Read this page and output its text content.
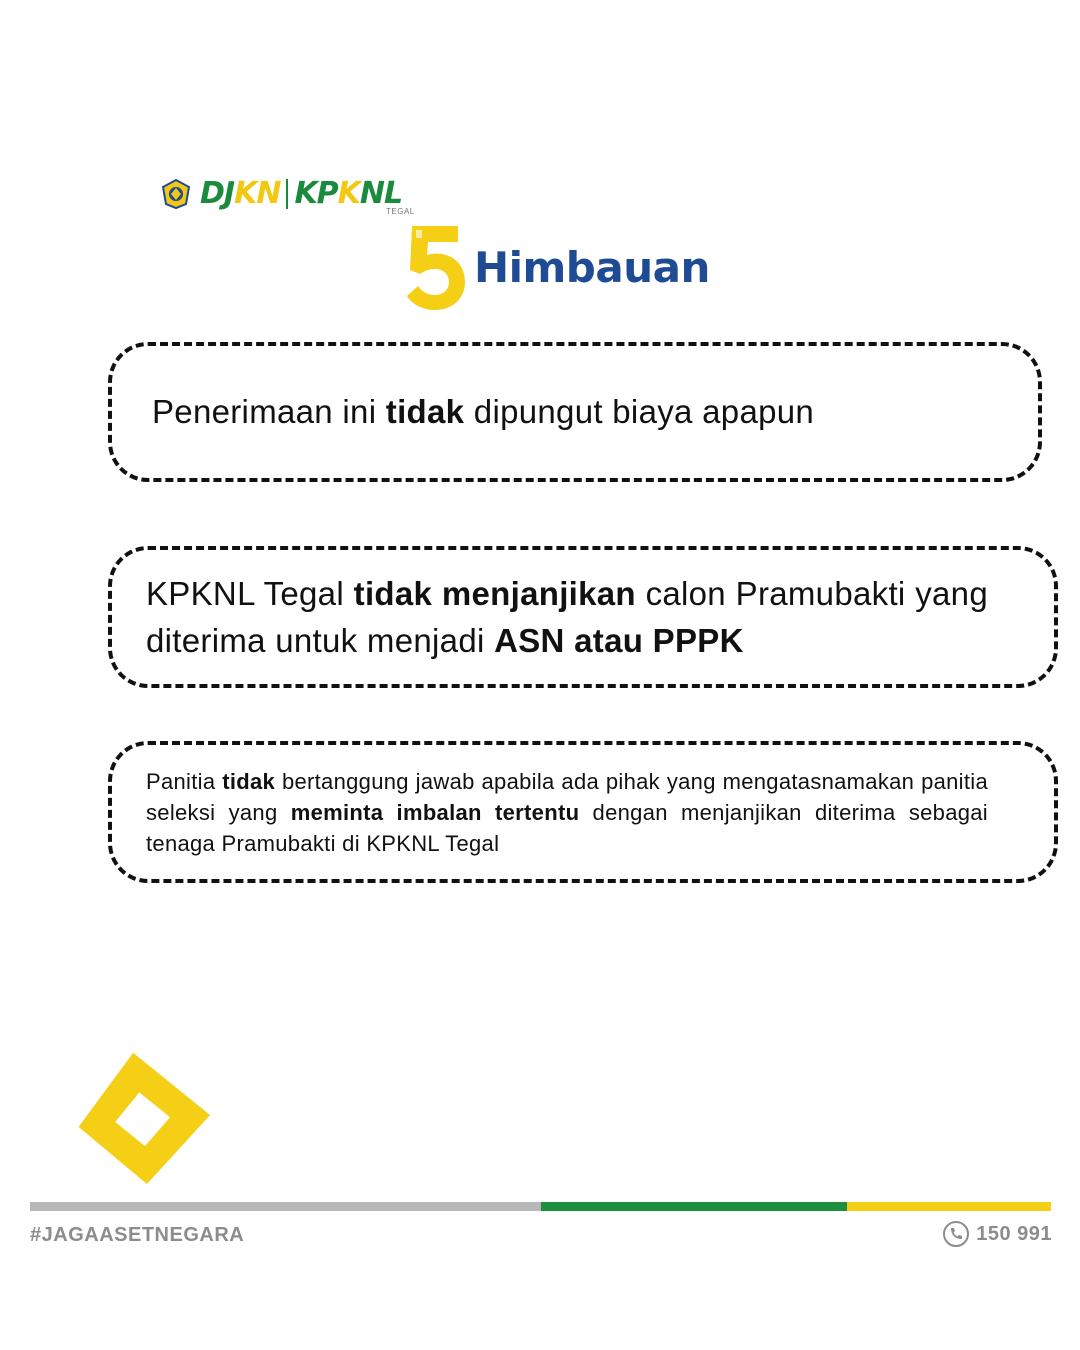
DJKN KPKNL
TEGAL
5 Himbauan
Penerimaan ini tidak dipungut biaya apapun
KPKNL Tegal tidak menjanjikan calon Pramubakti yang diterima untuk menjadi ASN atau PPPK
Panitia tidak bertanggung jawab apabila ada pihak yang mengatasnamakan panitia seleksi yang meminta imbalan tertentu dengan menjanjikan diterima sebagai tenaga Pramubakti di KPKNL Tegal
#JAGAASETNEGARA	150 991
